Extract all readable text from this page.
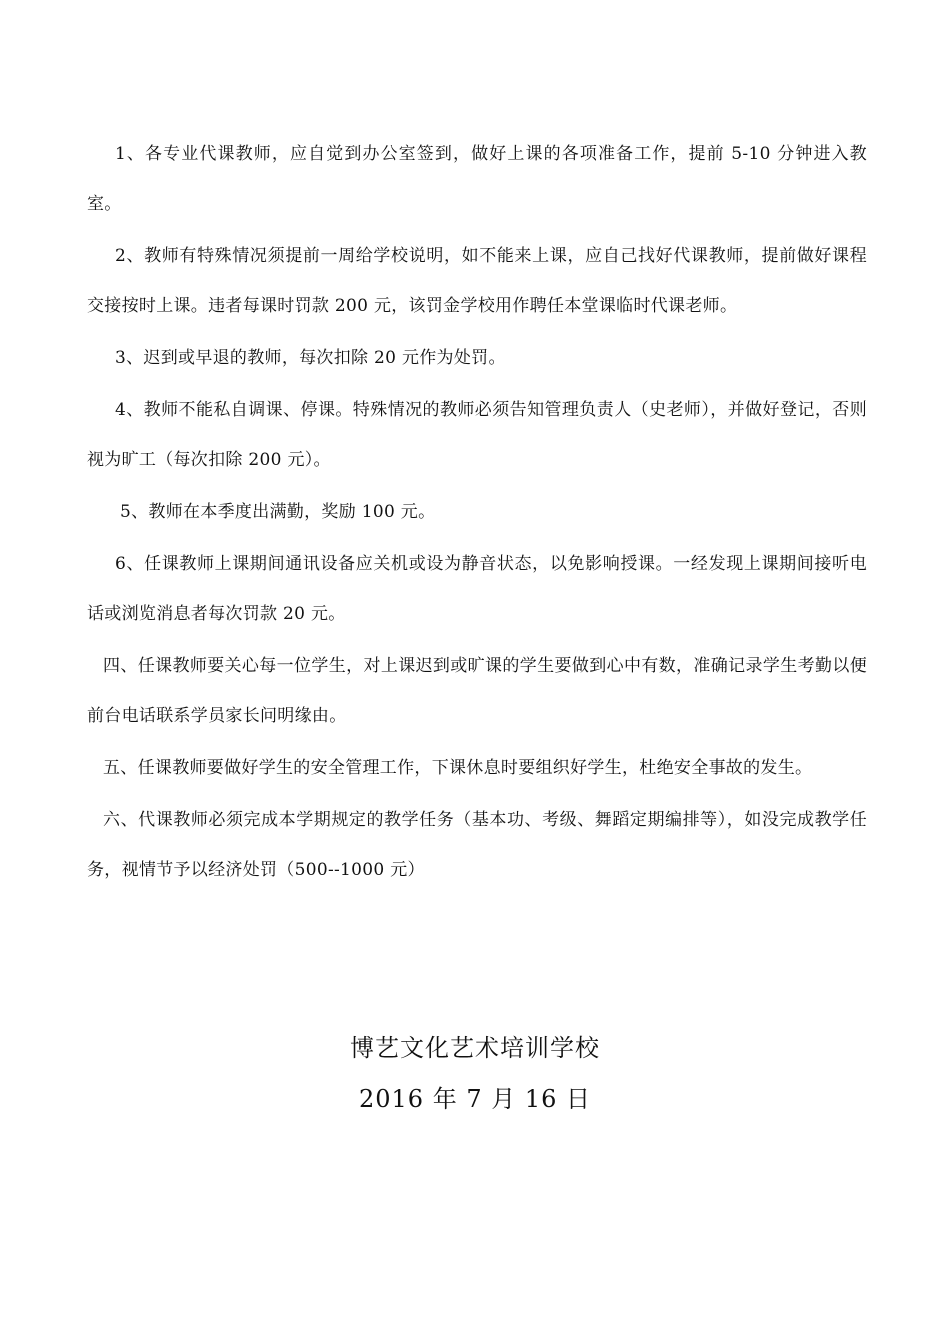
1、各专业代课教师，应自觉到办公室签到，做好上课的各项准备工作，提前 5-10 分钟进入教室。

2、教师有特殊情况须提前一周给学校说明，如不能来上课，应自己找好代课教师，提前做好课程交接按时上课。违者每课时罚款 200 元，该罚金学校用作聘任本堂课临时代课老师。

3、迟到或早退的教师，每次扣除 20 元作为处罚。

4、教师不能私自调课、停课。特殊情况的教师必须告知管理负责人（史老师），并做好登记，否则视为旷工（每次扣除 200 元）。

5、教师在本季度出满勤，奖励 100 元。

6、任课教师上课期间通讯设备应关机或设为静音状态，以免影响授课。一经发现上课期间接听电话或浏览消息者每次罚款 20 元。

四、任课教师要关心每一位学生，对上课迟到或旷课的学生要做到心中有数，准确记录学生考勤以便前台电话联系学员家长问明缘由。

五、任课教师要做好学生的安全管理工作，下课休息时要组织好学生，杜绝安全事故的发生。

六、代课教师必须完成本学期规定的教学任务（基本功、考级、舞蹈定期编排等），如没完成教学任务，视情节予以经济处罚（500--1000 元）

博艺文化艺术培训学校
2016 年 7 月 16 日
